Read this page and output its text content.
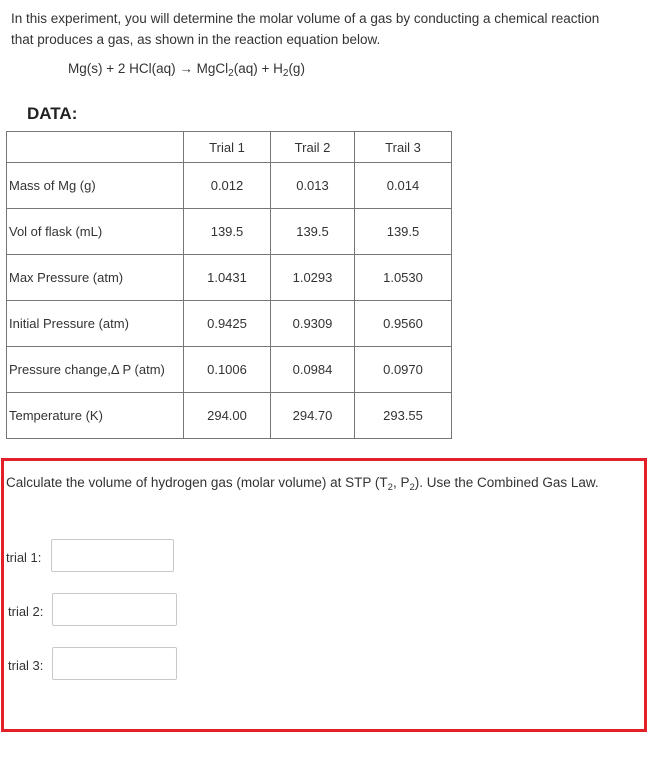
In this experiment, you will determine the molar volume of a gas by conducting a chemical reaction
that produces a gas, as shown in the reaction equation below.
Mg(s) + 2 HCl(aq) → MgCl$_2$(aq) + $H_2(g)$
DATA:
	Trial 1	Trail 2	Trail 3
Mass of Mg (g)	0.012	0.013	0.014
Vol of flask (mL)	139.5	139.5	139.5
Max Pressure (atm)	1.0431	1.0293	1.0530
Initial Pressure (atm)	0.9425	0.9309	0.9560
Pressure change,Δ P (atm)	0.1006	0.0984	0.0970
Temperature (K)	294.00	294.70	293.55
Calculate the volume of hydrogen gas (molar volume) at STP ($T_2$, $P_2$). Use the Combined Gas Law.
trial 1:
trial 2:
trial 3:
